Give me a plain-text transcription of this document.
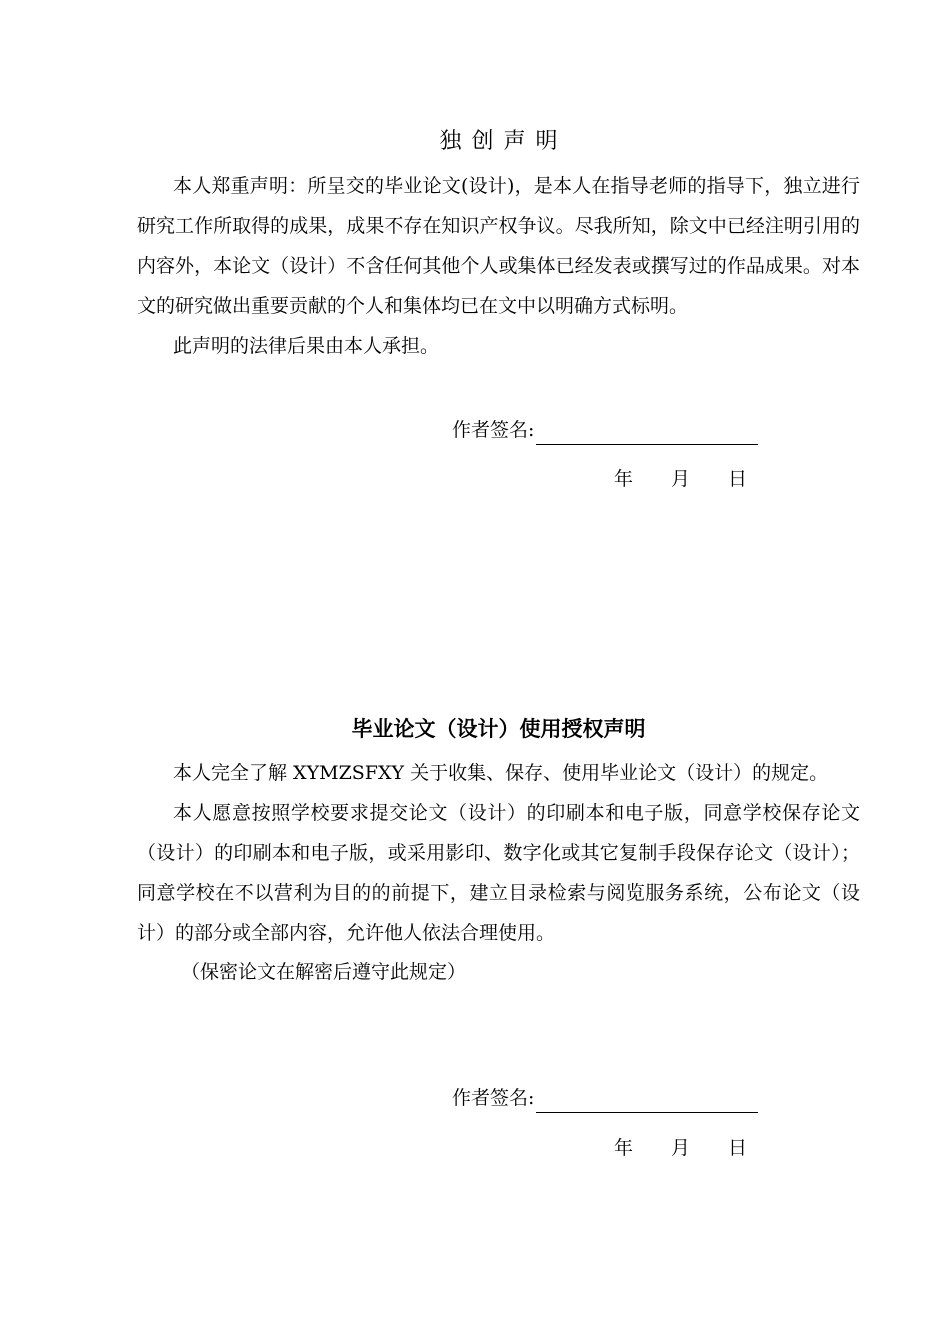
独创声明

本人郑重声明：所呈交的毕业论文(设计)，是本人在指导老师的指导下，独立进行研究工作所取得的成果，成果不存在知识产权争议。尽我所知，除文中已经注明引用的内容外，本论文（设计）不含任何其他个人或集体已经发表或撰写过的作品成果。对本文的研究做出重要贡献的个人和集体均已在文中以明确方式标明。

此声明的法律后果由本人承担。

作者签名:
年 月 日
毕业论文（设计）使用授权声明

本人完全了解 XYMZSFXY 关于收集、保存、使用毕业论文（设计）的规定。

本人愿意按照学校要求提交论文（设计）的印刷本和电子版，同意学校保存论文（设计）的印刷本和电子版，或采用影印、数字化或其它复制手段保存论文（设计）；同意学校在不以营利为目的的前提下，建立目录检索与阅览服务系统，公布论文（设计）的部分或全部内容，允许他人依法合理使用。

（保密论文在解密后遵守此规定）

作者签名:
年 月 日
